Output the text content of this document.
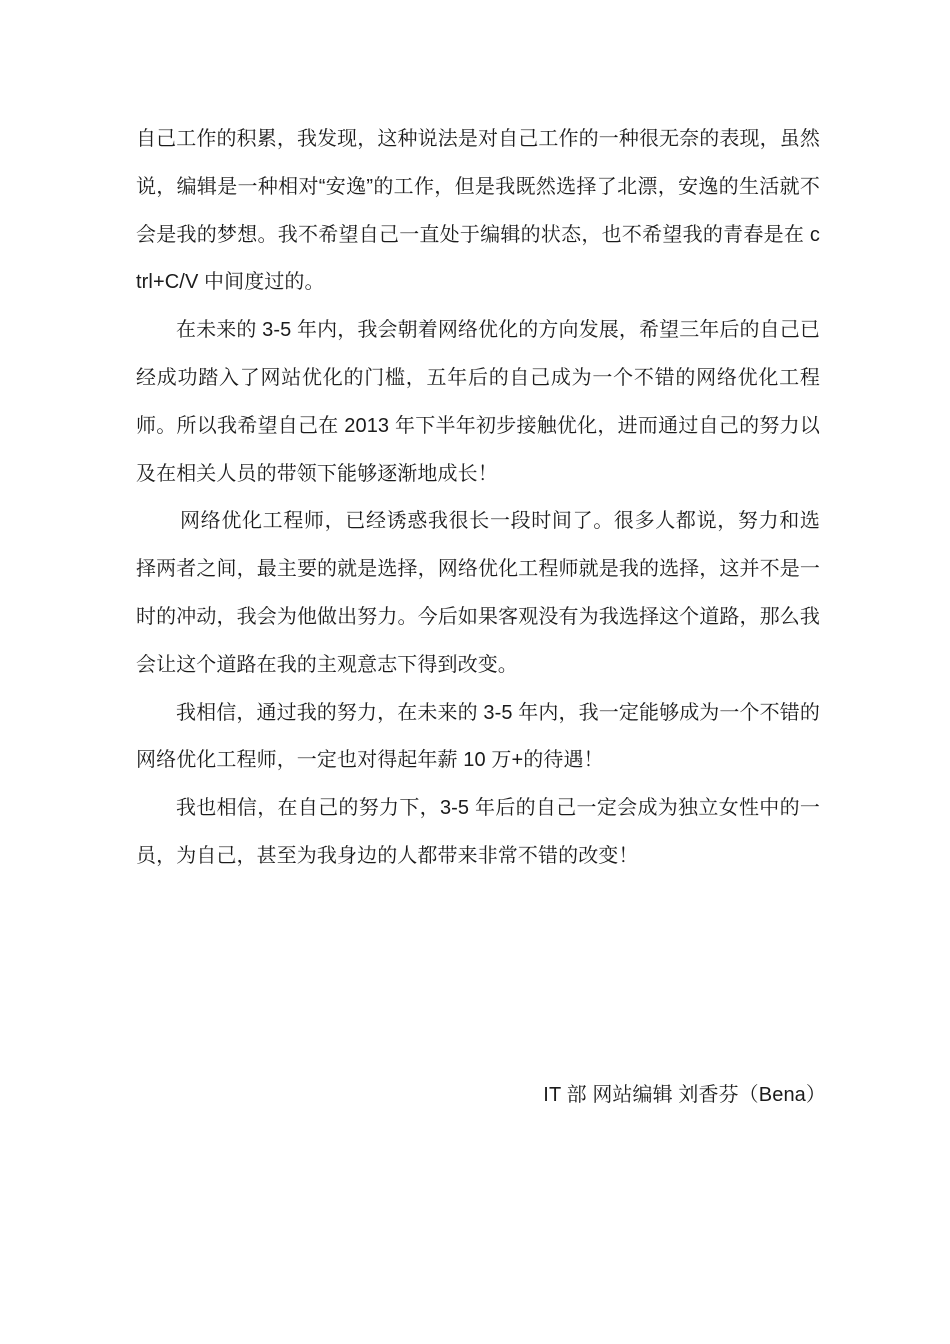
自己工作的积累，我发现，这种说法是对自己工作的一种很无奈的表现，虽然说，编辑是一种相对“安逸”的工作，但是我既然选择了北漂，安逸的生活就不会是我的梦想。我不希望自己一直处于编辑的状态，也不希望我的青春是在 ctrl+C/V 中间度过的。

在未来的 3-5 年内，我会朝着网络优化的方向发展，希望三年后的自己已经成功踏入了网站优化的门槛，五年后的自己成为一个不错的网络优化工程师。所以我希望自己在 2013 年下半年初步接触优化，进而通过自己的努力以及在相关人员的带领下能够逐渐地成长！

网络优化工程师，已经诱惑我很长一段时间了。很多人都说，努力和选择两者之间，最主要的就是选择，网络优化工程师就是我的选择，这并不是一时的冲动，我会为他做出努力。今后如果客观没有为我选择这个道路，那么我会让这个道路在我的主观意志下得到改变。

我相信，通过我的努力，在未来的 3-5 年内，我一定能够成为一个不错的网络优化工程师，一定也对得起年薪 10 万+的待遇！

我也相信，在自己的努力下，3-5 年后的自己一定会成为独立女性中的一员，为自己，甚至为我身边的人都带来非常不错的改变！

IT 部 网站编辑 刘香芬（Bena）
